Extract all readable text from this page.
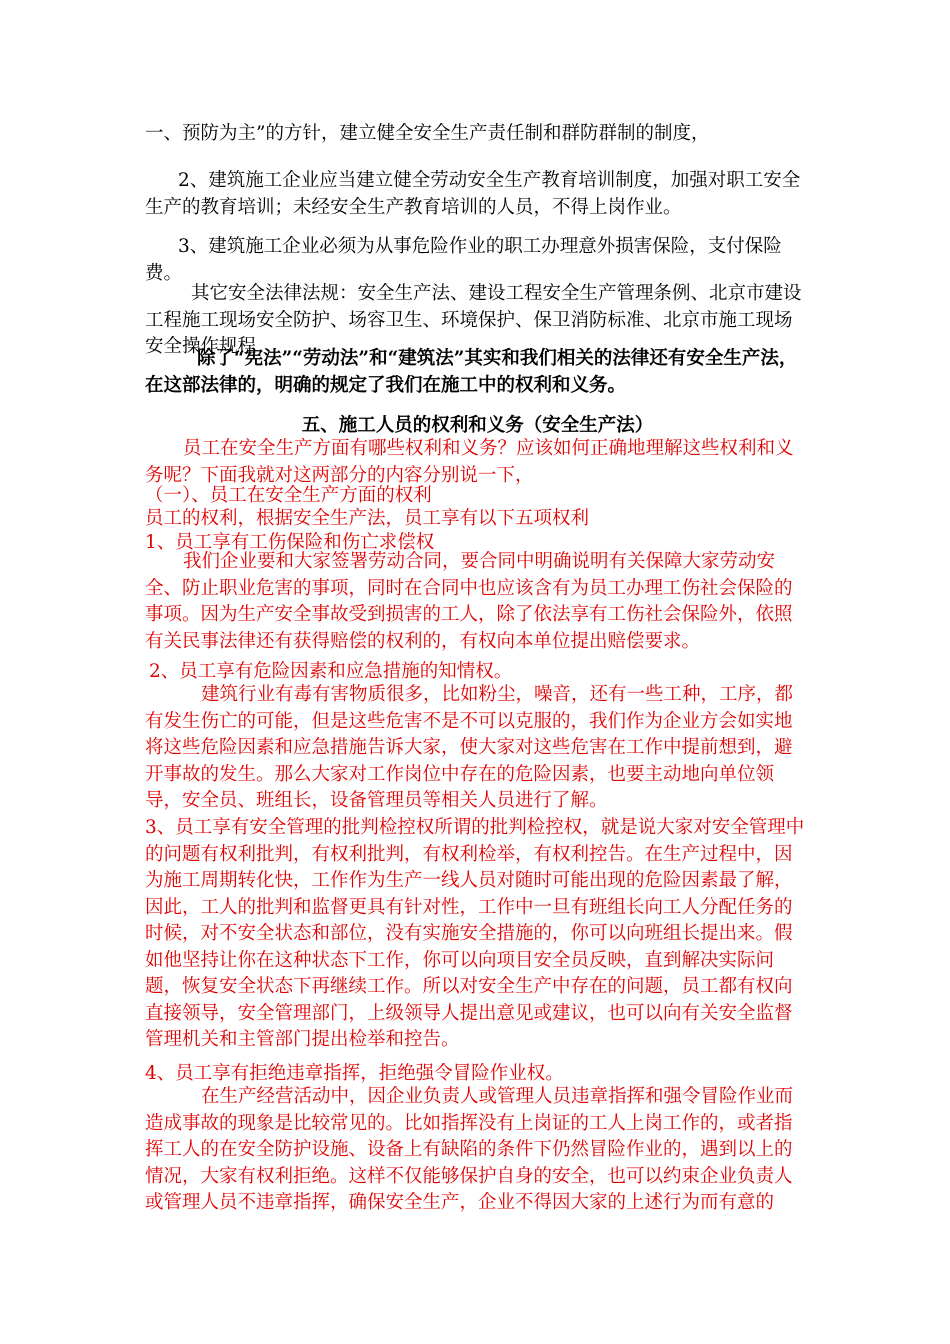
一、预防为主”的方针，建立健全安全生产责任制和群防群制的制度，

2、建筑施工企业应当建立健全劳动安全生产教育培训制度，加强对职工安全生产的教育培训；未经安全生产教育培训的人员，不得上岗作业。

3、建筑施工企业必须为从事危险作业的职工办理意外损害保险，支付保险费。

其它安全法律法规：安全生产法、建设工程安全生产管理条例、北京市建设工程施工现场安全防护、场容卫生、环境保护、保卫消防标准、北京市施工现场安全操作规程

除了“宪法”“劳动法”和“建筑法”其实和我们相关的法律还有安全生产法，在这部法律的，明确的规定了我们在施工中的权利和义务。

五、施工人员的权利和义务（安全生产法）

员工在安全生产方面有哪些权利和义务？应该如何正确地理解这些权利和义务呢？下面我就对这两部分的内容分别说一下，

（一）、员工在安全生产方面的权利

员工的权利，根据安全生产法，员工享有以下五项权利

1、员工享有工伤保险和伤亡求偿权

我们企业要和大家签署劳动合同，要合同中明确说明有关保障大家劳动安全、防止职业危害的事项，同时在合同中也应该含有为员工办理工伤社会保险的事项。因为生产安全事故受到损害的工人，除了依法享有工伤社会保险外，依照有关民事法律还有获得赔偿的权利的，有权向本单位提出赔偿要求。

2、员工享有危险因素和应急措施的知情权。

建筑行业有毒有害物质很多，比如粉尘，噪音，还有一些工种，工序，都有发生伤亡的可能，但是这些危害不是不可以克服的，我们作为企业方会如实地将这些危险因素和应急措施告诉大家，使大家对这些危害在工作中提前想到，避开事故的发生。那么大家对工作岗位中存在的危险因素，也要主动地向单位领导，安全员、班组长，设备管理员等相关人员进行了解。

3、员工享有安全管理的批判检控权所谓的批判检控权，就是说大家对安全管理中的问题有权利批判，有权利批判，有权利检举，有权利控告。在生产过程中，因为施工周期转化快，工作作为生产一线人员对随时可能出现的危险因素最了解，因此，工人的批判和监督更具有针对性，工作中一旦有班组长向工人分配任务的时候，对不安全状态和部位，没有实施安全措施的，你可以向班组长提出来。假如他坚持让你在这种状态下工作，你可以向项目安全员反映，直到解决实际问题，恢复安全状态下再继续工作。所以对安全生产中存在的问题，员工都有权向直接领导，安全管理部门，上级领导人提出意见或建议，也可以向有关安全监督管理机关和主管部门提出检举和控告。

4、员工享有拒绝违章指挥，拒绝强令冒险作业权。

在生产经营活动中，因企业负责人或管理人员违章指挥和强令冒险作业而造成事故的现象是比较常见的。比如指挥没有上岗证的工人上岗工作的，或者指挥工人的在安全防护设施、设备上有缺陷的条件下仍然冒险作业的，遇到以上的情况，大家有权利拒绝。这样不仅能够保护自身的安全，也可以约束企业负责人或管理人员不违章指挥，确保安全生产，企业不得因大家的上述行为而有意的
